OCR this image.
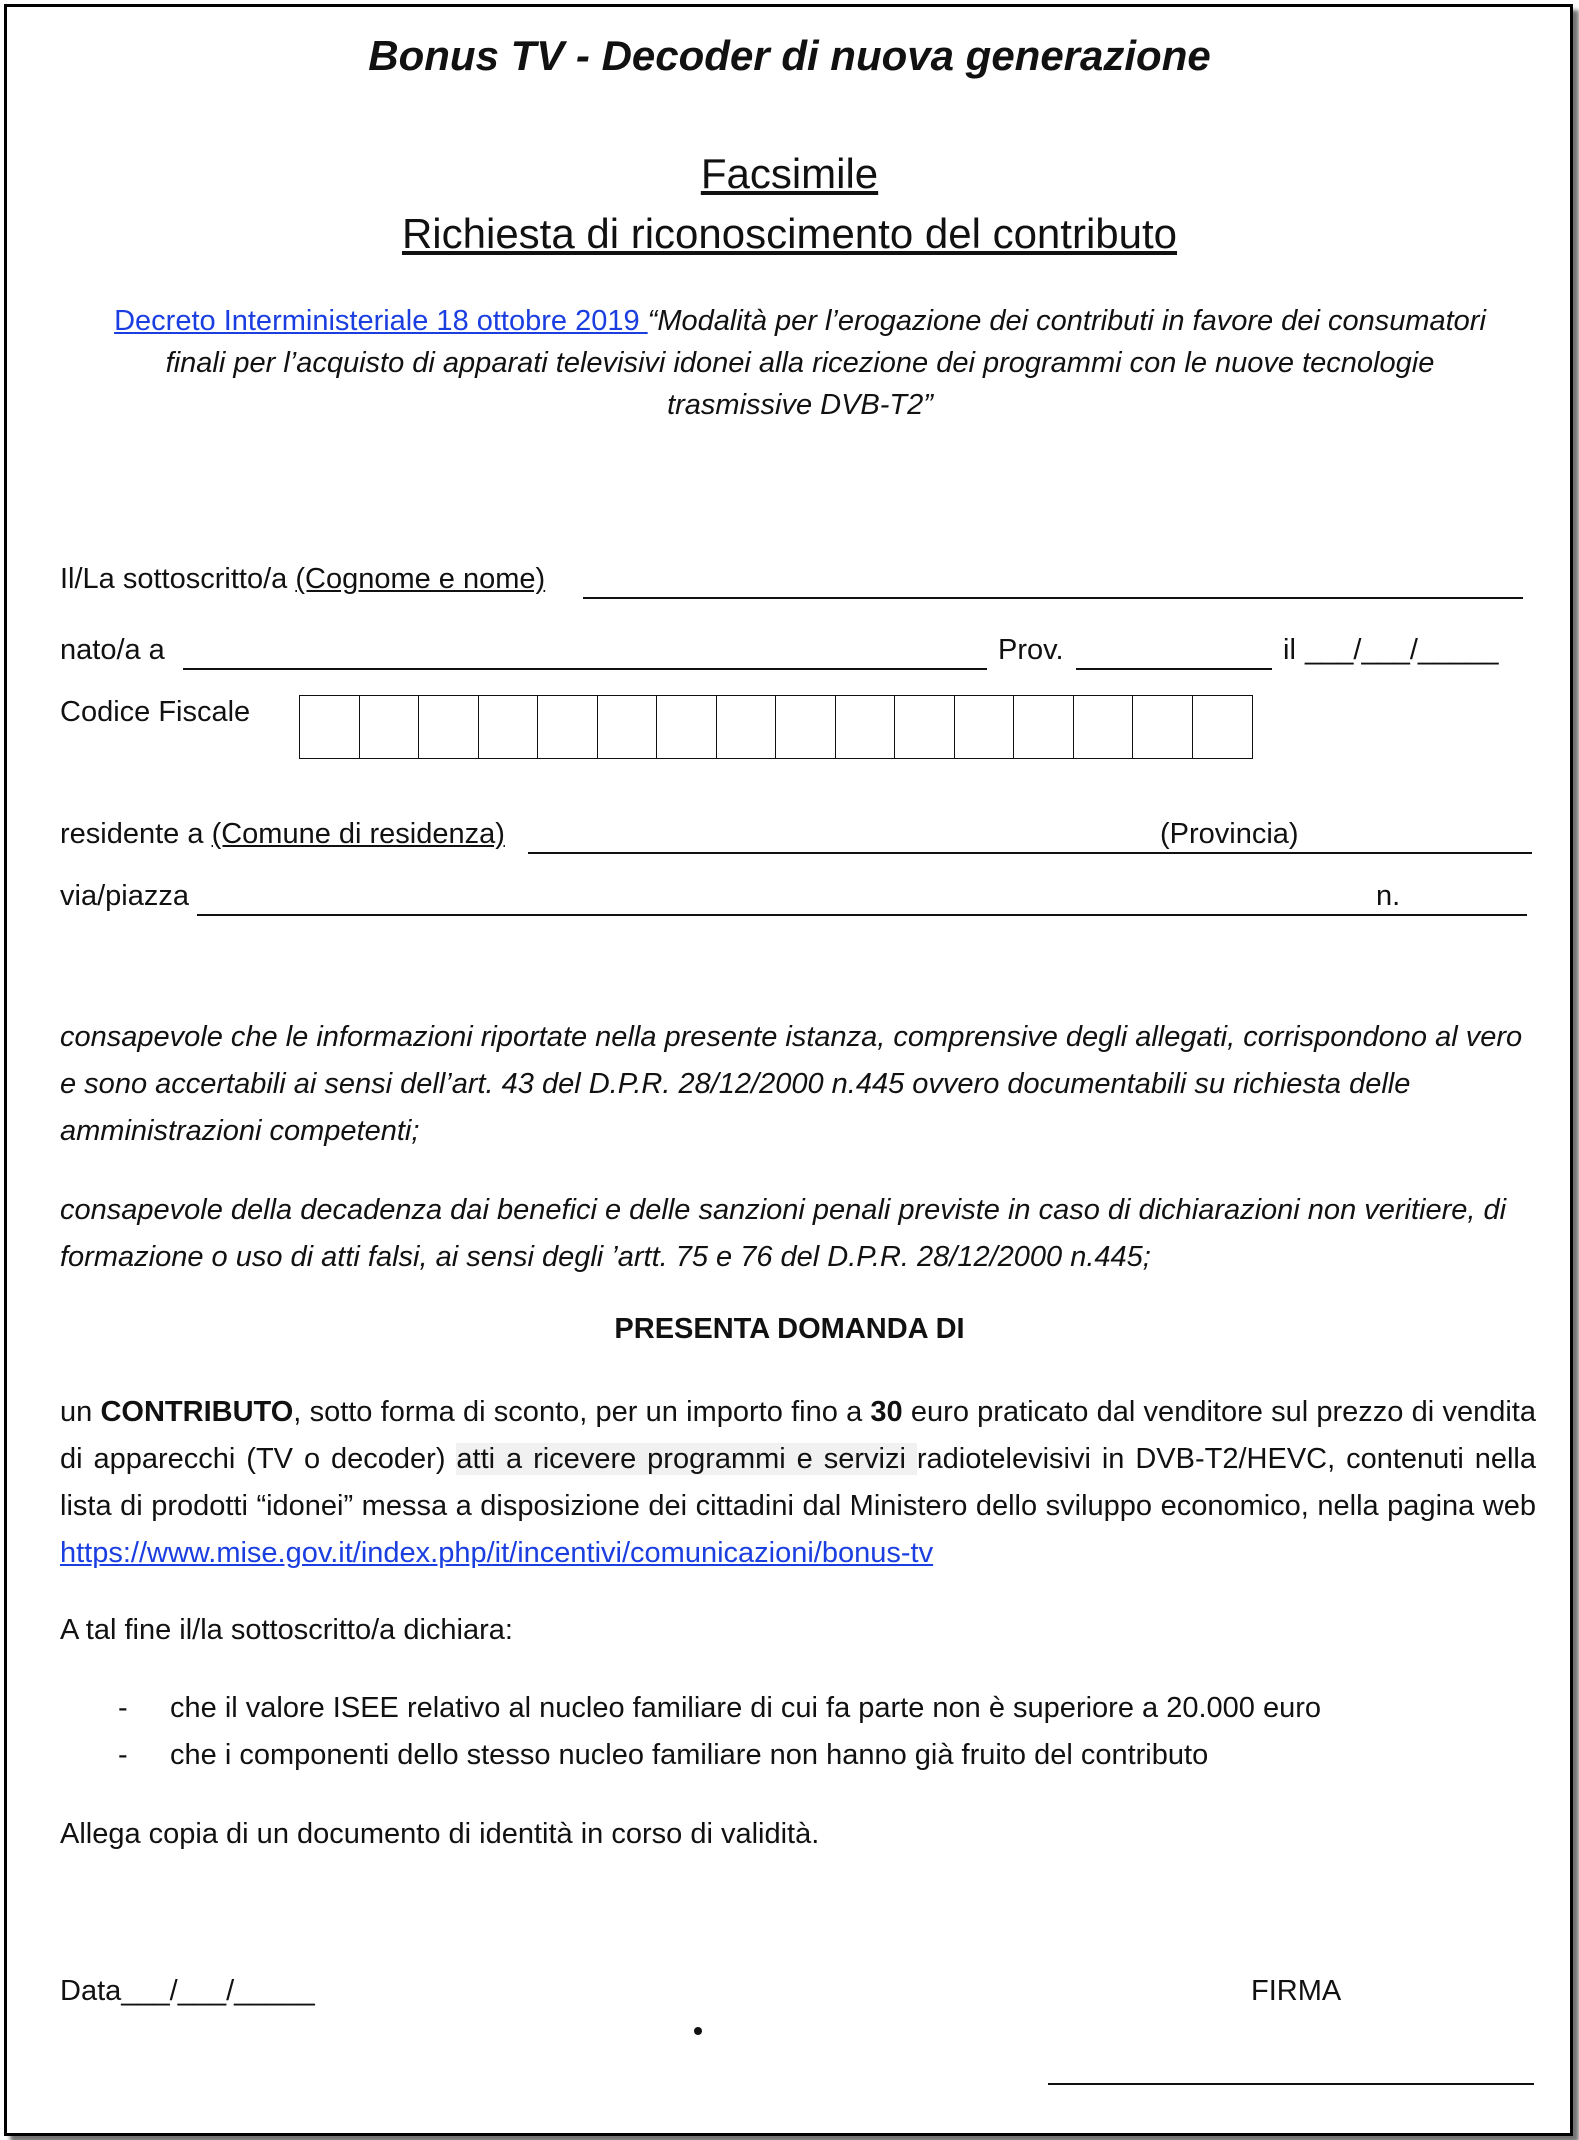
Bonus TV - Decoder di nuova generazione
Facsimile
Richiesta di riconoscimento del contributo
Decreto Interministeriale 18 ottobre 2019 “Modalità per l’erogazione dei contributi in favore dei consumatori finali per l’acquisto di apparati televisivi idonei alla ricezione dei programmi con le nuove tecnologie trasmissive DVB-T2”
Il/La sottoscritto/a (Cognome e nome)
nato/a a	Prov.	il ___/___/_____
Codice Fiscale
residente a (Comune di residenza)	(Provincia)
via/piazza	n.
consapevole che le informazioni riportate nella presente istanza, comprensive degli allegati, corrispondono al vero e sono accertabili ai sensi dell’art. 43 del D.P.R. 28/12/2000 n.445 ovvero documentabili su richiesta delle amministrazioni competenti;
consapevole della decadenza dai benefici e delle sanzioni penali previste in caso di dichiarazioni non veritiere, di formazione o uso di atti falsi, ai sensi degli ’artt. 75 e 76 del D.P.R. 28/12/2000 n.445;
PRESENTA DOMANDA DI
un CONTRIBUTO, sotto forma di sconto, per un importo fino a 30 euro praticato dal venditore sul prezzo di vendita di apparecchi (TV o decoder) atti a ricevere programmi e servizi radiotelevisivi in DVB-T2/HEVC, contenuti nella lista di prodotti “idonei” messa a disposizione dei cittadini dal Ministero dello sviluppo economico, nella pagina web https://www.mise.gov.it/index.php/it/incentivi/comunicazioni/bonus-tv
A tal fine il/la sottoscritto/a dichiara:
- che il valore ISEE relativo al nucleo familiare di cui fa parte non è superiore a 20.000 euro
- che i componenti dello stesso nucleo familiare non hanno già fruito del contributo
Allega copia di un documento di identità in corso di validità.
Data___/___/_____	FIRMA
